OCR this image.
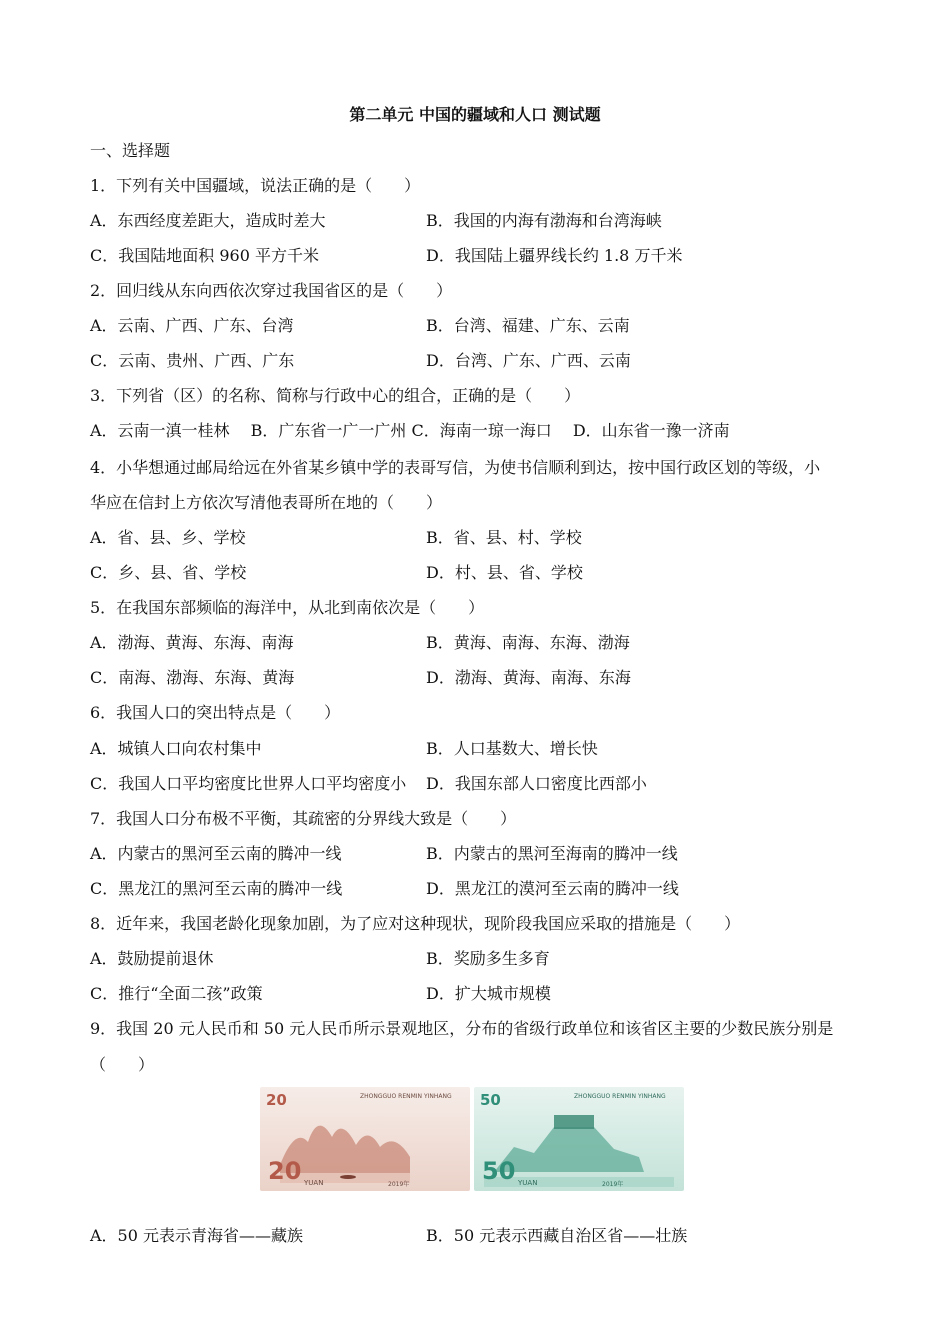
第二单元 中国的疆域和人口 测试题
一、选择题
1．下列有关中国疆域，说法正确的是（　　）
A．东西经度差距大，造成时差大	B．我国的内海有渤海和台湾海峡
C．我国陆地面积 960 平方千米	D．我国陆上疆界线长约 1.8 万千米
2．回归线从东向西依次穿过我国省区的是（　　）
A．云南、广西、广东、台湾	B．台湾、福建、广东、云南
C．云南、贵州、广西、广东	D．台湾、广东、广西、云南
3．下列省（区）的名称、简称与行政中心的组合，正确的是（　　）
A．云南一滇一桂林　 B．广东省一广一广州 C．海南一琼一海口　 D．山东省一豫一济南
4．小华想通过邮局给远在外省某乡镇中学的表哥写信，为使书信顺利到达，按中国行政区划的等级，小
华应在信封上方依次写清他表哥所在地的（　　）
A．省、县、乡、学校	B．省、县、村、学校
C．乡、县、省、学校	D．村、县、省、学校
5．在我国东部频临的海洋中，从北到南依次是（　　）
A．渤海、黄海、东海、南海	B．黄海、南海、东海、渤海
C．南海、渤海、东海、黄海	D．渤海、黄海、南海、东海
6．我国人口的突出特点是（　　）
A．城镇人口向农村集中	B．人口基数大、增长快
C．我国人口平均密度比世界人口平均密度小 D．我国东部人口密度比西部小
7．我国人口分布极不平衡，其疏密的分界线大致是（　　）
A．内蒙古的黑河至云南的腾冲一线	B．内蒙古的黑河至海南的腾冲一线
C．黑龙江的黑河至云南的腾冲一线	D．黑龙江的漠河至云南的腾冲一线
8．近年来，我国老龄化现象加剧，为了应对这种现状，现阶段我国应采取的措施是（　　）
A．鼓励提前退休	B．奖励多生多育
C．推行“全面二孩”政策	D．扩大城市规模
9．我国 20 元人民币和 50 元人民币所示景观地区，分布的省级行政单位和该省区主要的少数民族分别是
（　　）
20	ZHONGGUO RENMIN YINHANG
20 YUAN	2019年
50	ZHONGGUO RENMIN YINHANG
50 YUAN	2019年
A．50 元表示青海省——藏族	B．50 元表示西藏自治区省——壮族
